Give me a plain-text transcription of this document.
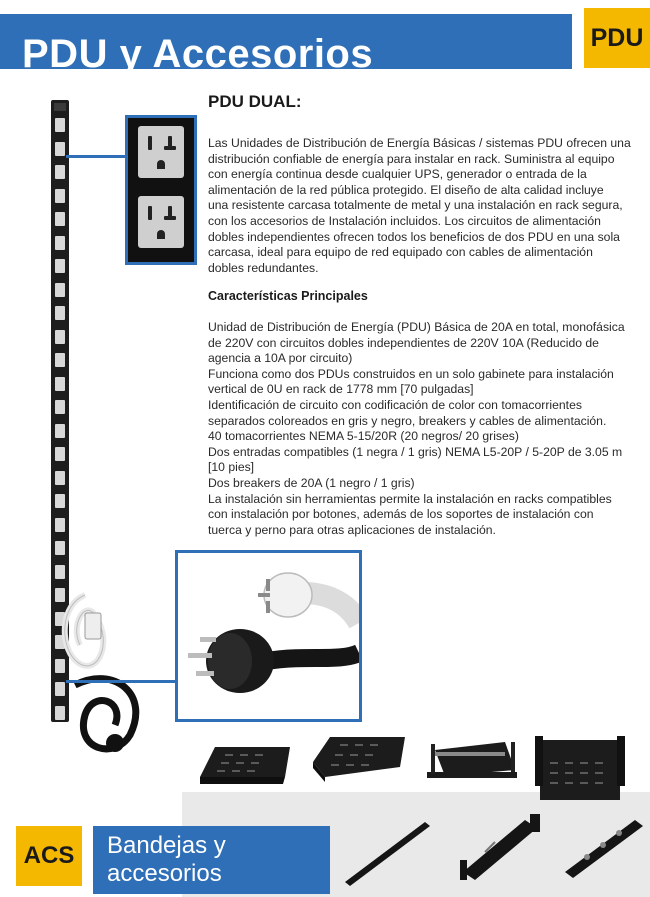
PDU y Accesorios	PDU
PDU DUAL:
Las Unidades de Distribución de Energía Básicas / sistemas PDU ofrecen una
distribución confiable de energía para instalar en rack. Suministra al equipo
con energía continua desde cualquier UPS, generador o entrada de la
alimentación de la red pública protegido. El diseño de alta calidad incluye
una resistente carcasa totalmente de metal y una instalación en rack segura,
con los accesorios de Instalación incluidos. Los circuitos de alimentación
dobles independientes ofrecen todos los beneficios de dos PDU en una sola
carcasa, ideal para equipo de red equipado con cables de alimentación
dobles redundantes.
Características Principales
Unidad de Distribución de Energía (PDU) Básica de 20A en total, monofásica
de 220V con circuitos dobles independientes de 220V 10A (Reducido de
agencia a 10A por circuito)
Funciona como dos PDUs construidos en un solo gabinete para instalación
vertical de 0U en rack de 1778 mm [70 pulgadas]
Identificación de circuito con codificación de color con tomacorrientes
separados coloreados en gris y negro, breakers y cables de alimentación.
40 tomacorrientes NEMA 5-15/20R (20 negros/ 20 grises)
Dos entradas compatibles (1 negra / 1 gris) NEMA L5-20P / 5-20P de 3.05 m
[10 pies]
Dos breakers de 20A (1 negro / 1 gris)
La instalación sin herramientas permite la instalación en racks compatibles
con instalación por botones, además de los soportes de instalación con
tuerca y perno para otras aplicaciones de instalación.
ACS	Bandejas y
accesorios
